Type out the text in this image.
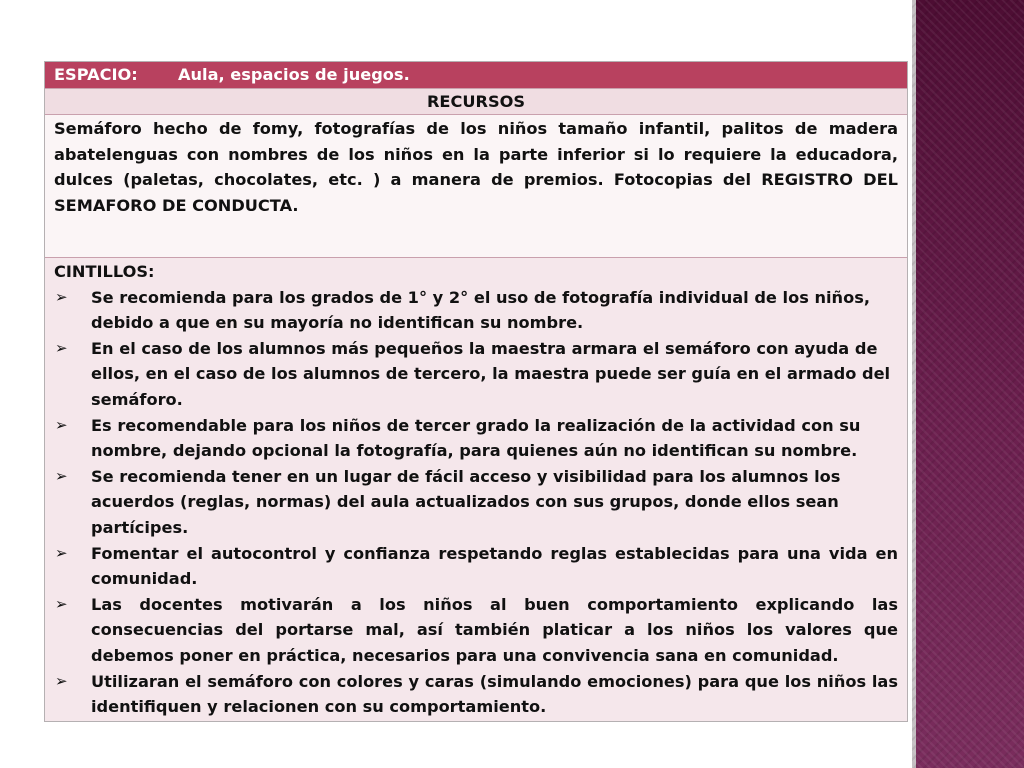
ESPACIO: Aula, espacios de juegos.
RECURSOS
Semáforo hecho de fomy, fotografías de los niños tamaño infantil, palitos de madera abatelenguas con nombres de los niños en la parte inferior si lo requiere la educadora, dulces (paletas, chocolates, etc. ) a manera de premios. Fotocopias del REGISTRO DEL SEMAFORO DE CONDUCTA.
CINTILLOS:
➢	Se recomienda para los grados de 1° y 2° el uso de fotografía individual de los niños, debido a que en su mayoría no identifican su nombre.
➢	En el caso de los alumnos más pequeños la maestra armara el semáforo con ayuda de ellos, en el caso de los alumnos de tercero, la maestra puede ser guía en el armado del semáforo.
➢	Es recomendable para los niños de tercer grado la realización de la actividad con su nombre, dejando opcional la fotografía, para quienes aún no identifican su nombre.
➢	Se recomienda tener en un lugar de fácil acceso y visibilidad para los alumnos los acuerdos (reglas, normas) del aula actualizados con sus grupos, donde ellos sean partícipes.
➢	Fomentar el autocontrol y confianza respetando reglas establecidas para una vida en comunidad.
➢	Las docentes motivarán a los niños al buen comportamiento explicando las consecuencias del portarse mal, así también platicar a los niños los valores que debemos poner en práctica, necesarios para una convivencia sana en comunidad.
➢	Utilizaran el semáforo con colores y caras (simulando emociones) para que los niños las identifiquen y relacionen con su comportamiento.
